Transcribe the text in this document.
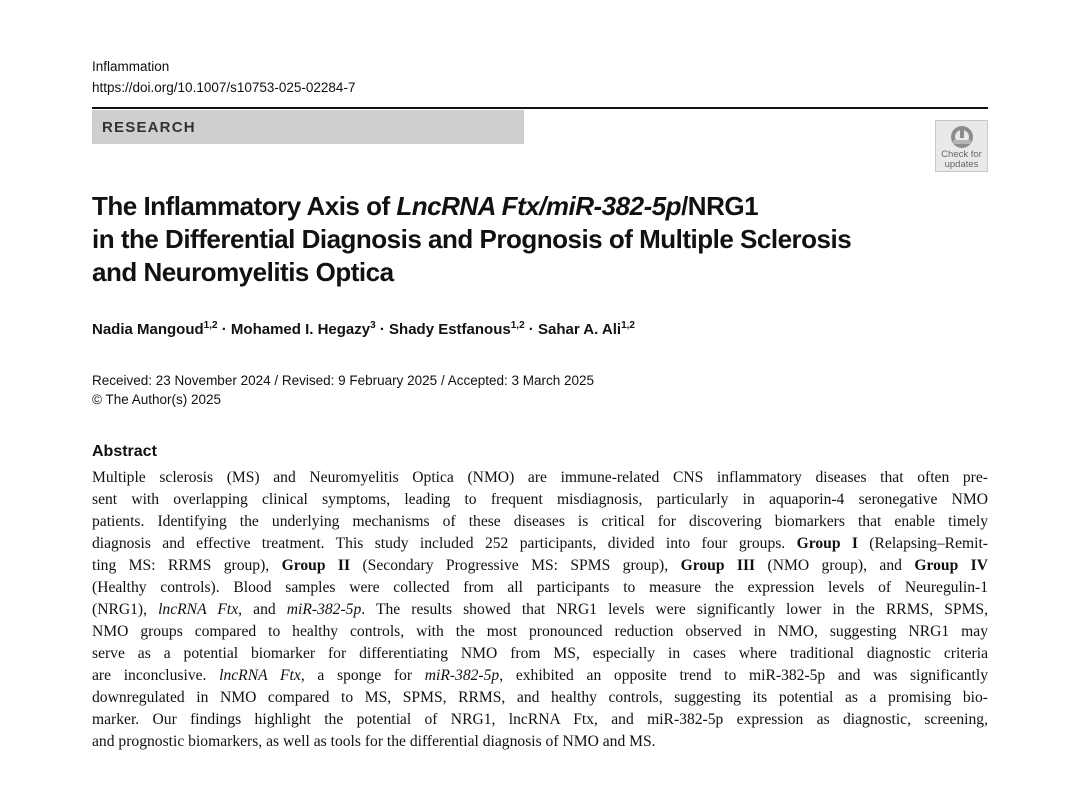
Inflammation
https://doi.org/10.1007/s10753-025-02284-7
RESEARCH
Check for
updates
The Inflammatory Axis of LncRNA Ftx/miR-382-5p/NRG1
in the Differential Diagnosis and Prognosis of Multiple Sclerosis
and Neuromyelitis Optica
Nadia Mangoud$^{1,2}$ · Mohamed I. Hegazy$^3$ · Shady Estfanous$^{1,2}$ · Sahar A. Ali$^{1,2}$
Received: 23 November 2024 / Revised: 9 February 2025 / Accepted: 3 March 2025
© The Author(s) 2025
Abstract
Multiple sclerosis (MS) and Neuromyelitis Optica (NMO) are immune-related CNS inflammatory diseases that often pre-
sent with overlapping clinical symptoms, leading to frequent misdiagnosis, particularly in aquaporin-4 seronegative NMO
patients. Identifying the underlying mechanisms of these diseases is critical for discovering biomarkers that enable timely
diagnosis and effective treatment. This study included 252 participants, divided into four groups. Group I (Relapsing–Remit-
ting MS: RRMS group), Group II (Secondary Progressive MS: SPMS group), Group III (NMO group), and Group IV
(Healthy controls). Blood samples were collected from all participants to measure the expression levels of Neuregulin-1
(NRG1), lncRNA Ftx, and miR-382-5p. The results showed that NRG1 levels were significantly lower in the RRMS, SPMS,
NMO groups compared to healthy controls, with the most pronounced reduction observed in NMO, suggesting NRG1 may
serve as a potential biomarker for differentiating NMO from MS, especially in cases where traditional diagnostic criteria
are inconclusive. lncRNA Ftx, a sponge for miR-382-5p, exhibited an opposite trend to miR-382-5p and was significantly
downregulated in NMO compared to MS, SPMS, RRMS, and healthy controls, suggesting its potential as a promising bio-
marker. Our findings highlight the potential of NRG1, lncRNA Ftx, and miR-382-5p expression as diagnostic, screening,
and prognostic biomarkers, as well as tools for the differential diagnosis of NMO and MS.
